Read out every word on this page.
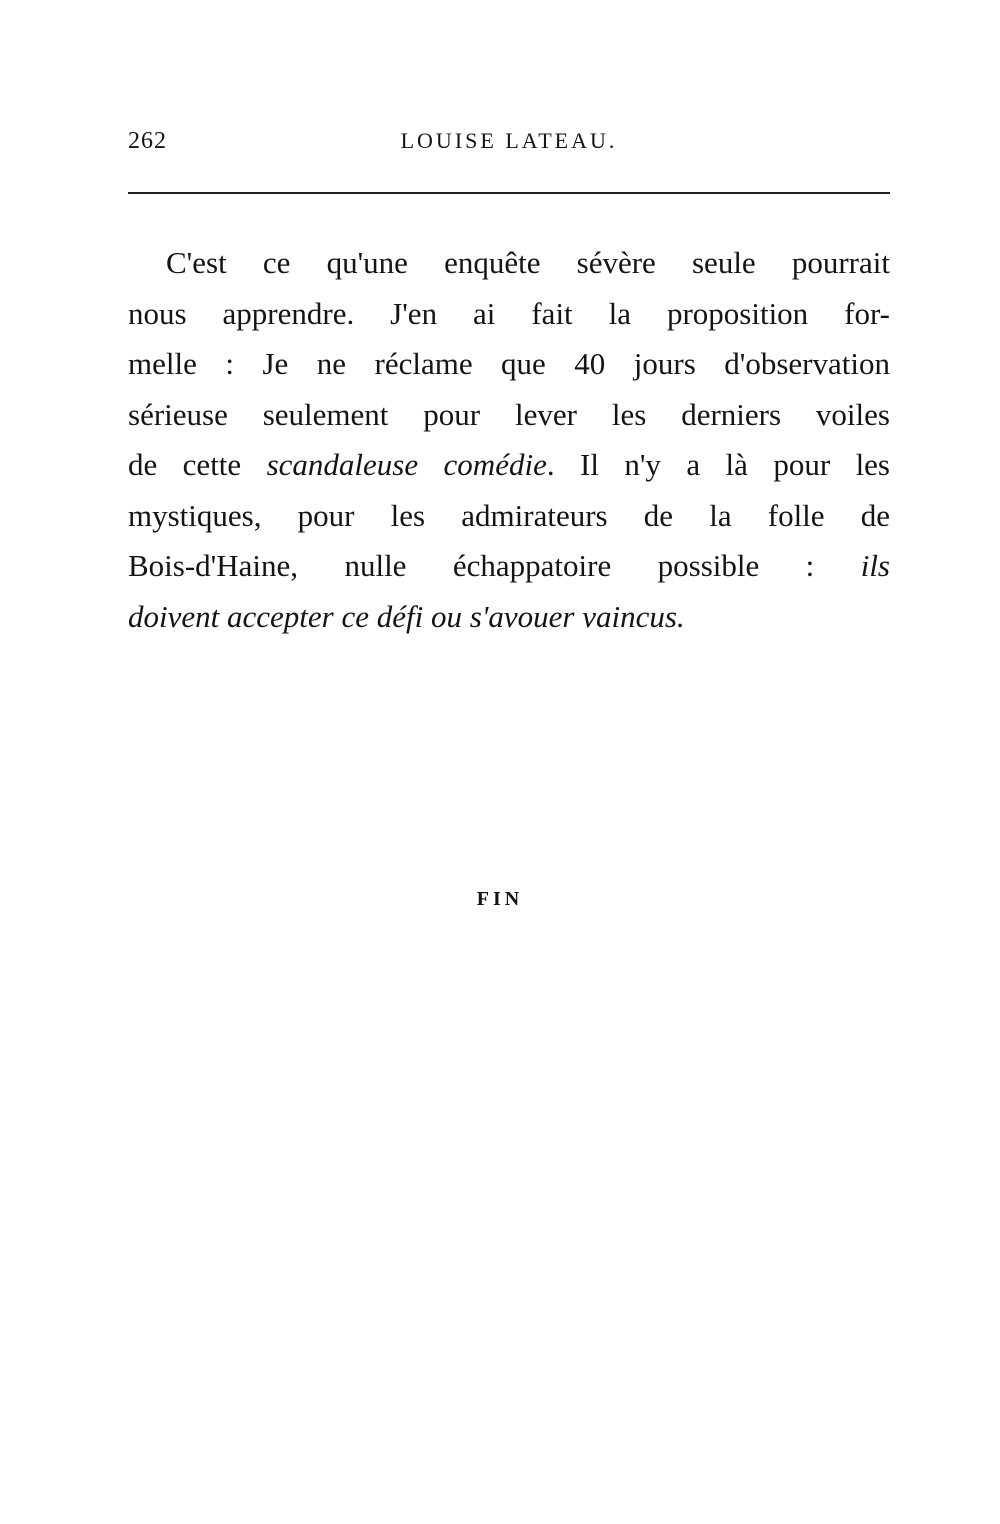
262	LOUISE LATEAU.
C'est ce qu'une enquête sévère seule pourrait
nous apprendre. J'en ai fait la proposition for-
melle : Je ne réclame que 40 jours d'observation
sérieuse seulement pour lever les derniers voiles
de cette scandaleuse comédie. Il n'y a là pour les
mystiques, pour les admirateurs de la folle de
Bois-d'Haine, nulle échappatoire possible : ils
doivent accepter ce défi ou s'avouer vaincus.
FIN
